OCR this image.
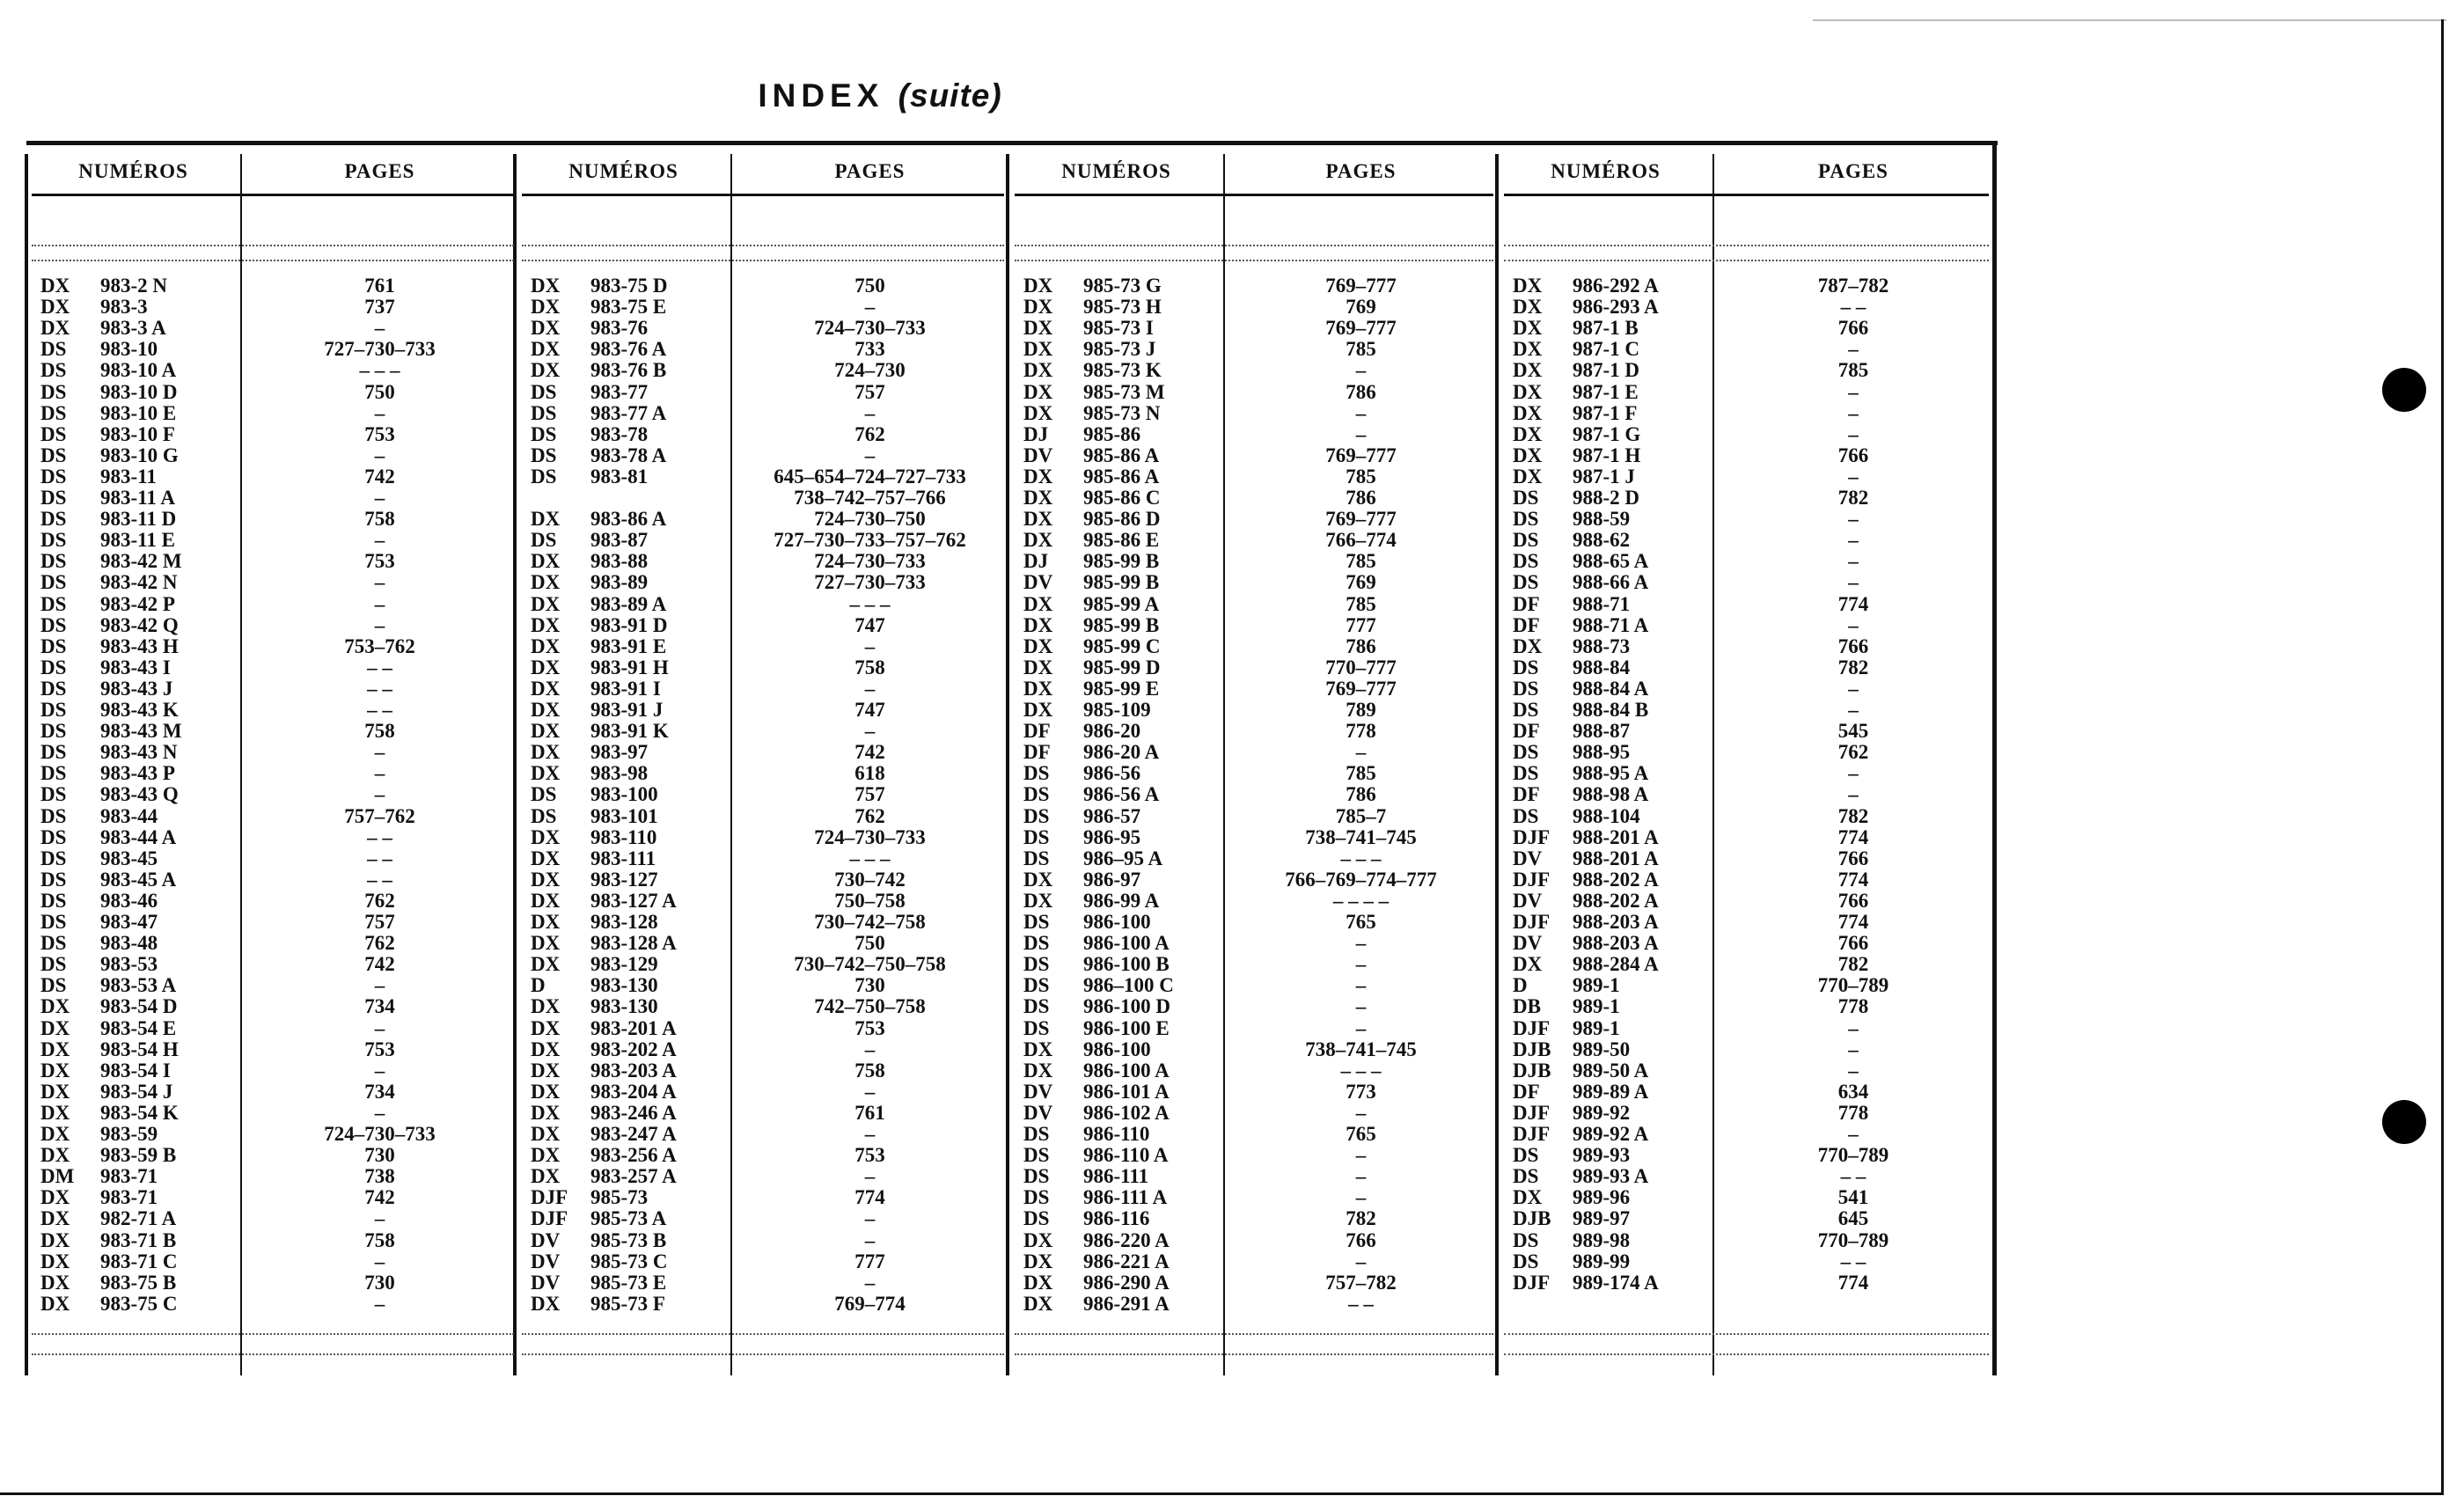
INDEX (suite)
NUMÉROS	PAGES	NUMÉROS	PAGES	NUMÉROS	PAGES	NUMÉROS	PAGES
DX 983-2 N	761
DX 983-3	737
DX 983-3 A	–
DS 983-10	727–730–733
DS 983-10 A	– – –
DS 983-10 D	750
DS 983-10 E	–
DS 983-10 F	753
DS 983-10 G	–
DS 983-11	742
DS 983-11 A	–
DS 983-11 D	758
DS 983-11 E	–
DS 983-42 M	753
DS 983-42 N	–
DS 983-42 P	–
DS 983-42 Q	–
DS 983-43 H	753–762
DS 983-43 I	– –
DS 983-43 J	– –
DS 983-43 K	– –
DS 983-43 M	758
DS 983-43 N	–
DS 983-43 P	–
DS 983-43 Q	–
DS 983-44	757–762
DS 983-44 A	– –
DS 983-45	– –
DS 983-45 A	– –
DS 983-46	762
DS 983-47	757
DS 983-48	762
DS 983-53	742
DS 983-53 A	–
DX 983-54 D	734
DX 983-54 E	–
DX 983-54 H	753
DX 983-54 I	–
DX 983-54 J	734
DX 983-54 K	–
DX 983-59	724–730–733
DX 983-59 B	730
DM 983-71	738
DX 983-71	742
DX 982-71 A	–
DX 983-71 B	758
DX 983-71 C	–
DX 983-75 B	730
DX 983-75 C	–
DX 983-75 D	750
DX 983-75 E	–
DX 983-76	724–730–733
DX 983-76 A	733
DX 983-76 B	724–730
DS 983-77	757
DS 983-77 A	–
DS 983-78	762
DS 983-78 A	–
DS 983-81	645–654–724–727–733
738–742–757–766
DX 983-86 A	724–730–750
DS 983-87	727–730–733–757–762
DX 983-88	724–730–733
DX 983-89	727–730–733
DX 983-89 A	– – –
DX 983-91 D	747
DX 983-91 E	–
DX 983-91 H	758
DX 983-91 I	–
DX 983-91 J	747
DX 983-91 K	–
DX 983-97	742
DX 983-98	618
DS 983-100	757
DS 983-101	762
DX 983-110	724–730–733
DX 983-111	– – –
DX 983-127	730–742
DX 983-127 A	750–758
DX 983-128	730–742–758
DX 983-128 A	750
DX 983-129	730–742–750–758
D 983-130	730
DX 983-130	742–750–758
DX 983-201 A	753
DX 983-202 A	–
DX 983-203 A	758
DX 983-204 A	–
DX 983-246 A	761
DX 983-247 A	–
DX 983-256 A	753
DX 983-257 A	–
DJF 985-73	774
DJF 985-73 A	–
DV 985-73 B	–
DV 985-73 C	777
DV 985-73 E	–
DX 985-73 F	769–774
DX 985-73 G	769–777
DX 985-73 H	769
DX 985-73 I	769–777
DX 985-73 J	785
DX 985-73 K	–
DX 985-73 M	786
DX 985-73 N	–
DJ 985-86	–
DV 985-86 A	769–777
DX 985-86 A	785
DX 985-86 C	786
DX 985-86 D	769–777
DX 985-86 E	766–774
DJ 985-99 B	785
DV 985-99 B	769
DX 985-99 A	785
DX 985-99 B	777
DX 985-99 C	786
DX 985-99 D	770–777
DX 985-99 E	769–777
DX 985-109	789
DF 986-20	778
DF 986-20 A	–
DS 986-56	785
DS 986-56 A	786
DS 986-57	785–7
DS 986-95	738–741–745
DS 986–95 A	– – –
DX 986-97	766–769–774–777
DX 986-99 A	– – – –
DS 986-100	765
DS 986-100 A	–
DS 986-100 B	–
DS 986–100 C	–
DS 986-100 D	–
DS 986-100 E	–
DX 986-100	738–741–745
DX 986-100 A	– – –
DV 986-101 A	773
DV 986-102 A	–
DS 986-110	765
DS 986-110 A	–
DS 986-111	–
DS 986-111 A	–
DS 986-116	782
DX 986-220 A	766
DX 986-221 A	–
DX 986-290 A	757–782
DX 986-291 A	– –
DX 986-292 A	787–782
DX 986-293 A	– –
DX 987-1 B	766
DX 987-1 C	–
DX 987-1 D	785
DX 987-1 E	–
DX 987-1 F	–
DX 987-1 G	–
DX 987-1 H	766
DX 987-1 J	–
DS 988-2 D	782
DS 988-59	–
DS 988-62	–
DS 988-65 A	–
DS 988-66 A	–
DF 988-71	774
DF 988-71 A	–
DX 988-73	766
DS 988-84	782
DS 988-84 A	–
DS 988-84 B	–
DF 988-87	545
DS 988-95	762
DS 988-95 A	–
DF 988-98 A	–
DS 988-104	782
DJF 988-201 A	774
DV 988-201 A	766
DJF 988-202 A	774
DV 988-202 A	766
DJF 988-203 A	774
DV 988-203 A	766
DX 988-284 A	782
D 989-1	770–789
DB 989-1	778
DJF 989-1	–
DJB 989-50	–
DJB 989-50 A	–
DF 989-89 A	634
DJF 989-92	778
DJF 989-92 A	–
DS 989-93	770–789
DS 989-93 A	– –
DX 989-96	541
DJB 989-97	645
DS 989-98	770–789
DS 989-99	– –
DJF 989-174 A	774
